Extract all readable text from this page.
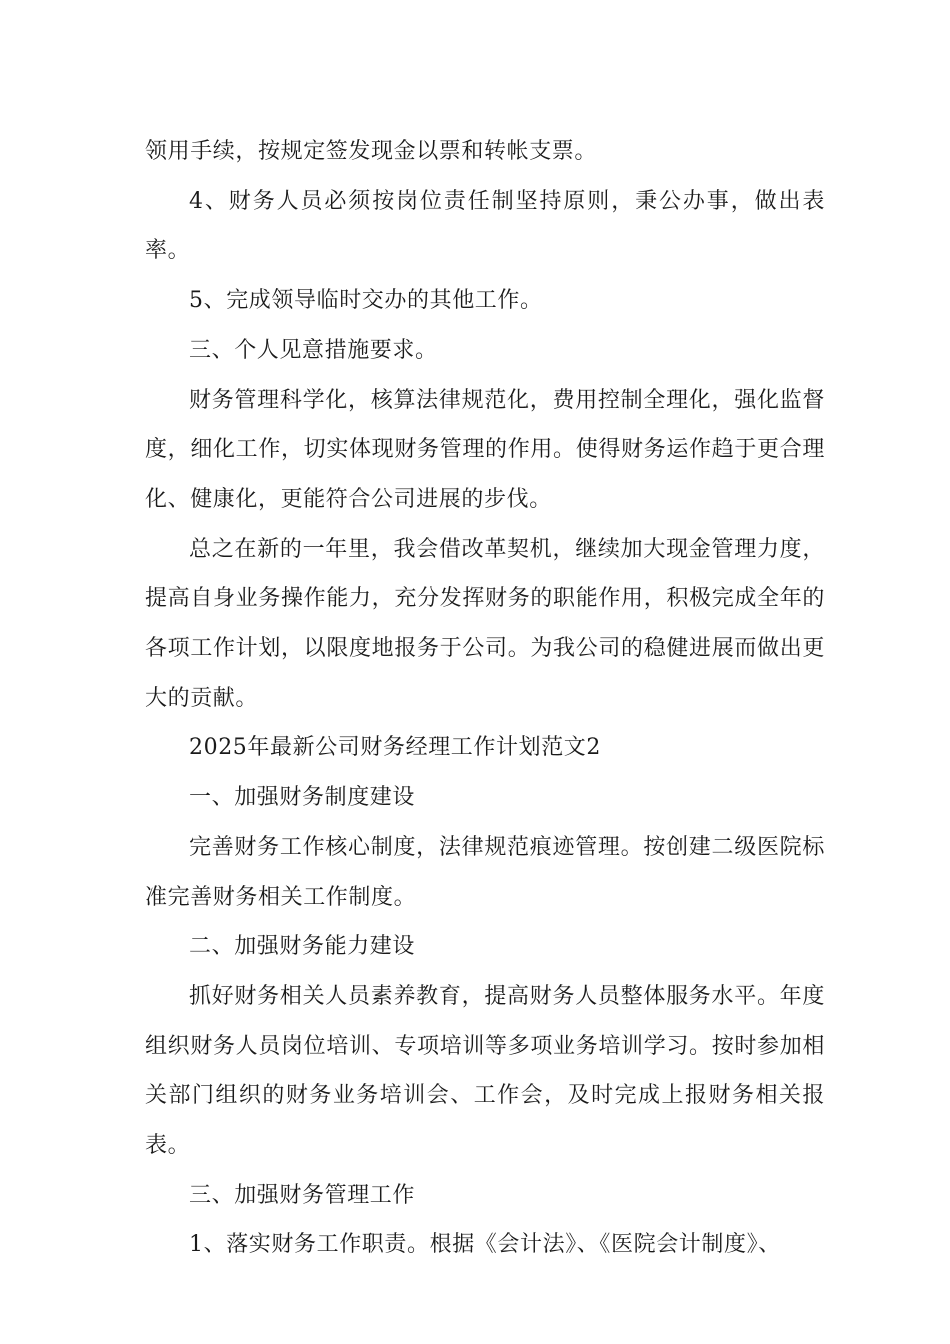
领用手续，按规定签发现金以票和转帐支票。

4、财务人员必须按岗位责任制坚持原则，秉公办事，做出表率。

5、完成领导临时交办的其他工作。

三、个人见意措施要求。

财务管理科学化，核算法律规范化，费用控制全理化，强化监督度，细化工作，切实体现财务管理的作用。使得财务运作趋于更合理化、健康化，更能符合公司进展的步伐。

总之在新的一年里，我会借改革契机，继续加大现金管理力度，提高自身业务操作能力，充分发挥财务的职能作用，积极完成全年的各项工作计划，以限度地报务于公司。为我公司的稳健进展而做出更大的贡献。

2025年最新公司财务经理工作计划范文2

一、加强财务制度建设

完善财务工作核心制度，法律规范痕迹管理。按创建二级医院标准完善财务相关工作制度。

二、加强财务能力建设

抓好财务相关人员素养教育，提高财务人员整体服务水平。年度组织财务人员岗位培训、专项培训等多项业务培训学习。按时参加相关部门组织的财务业务培训会、工作会，及时完成上报财务相关报表。

三、加强财务管理工作

1、落实财务工作职责。根据《会计法》、《医院会计制度》、
